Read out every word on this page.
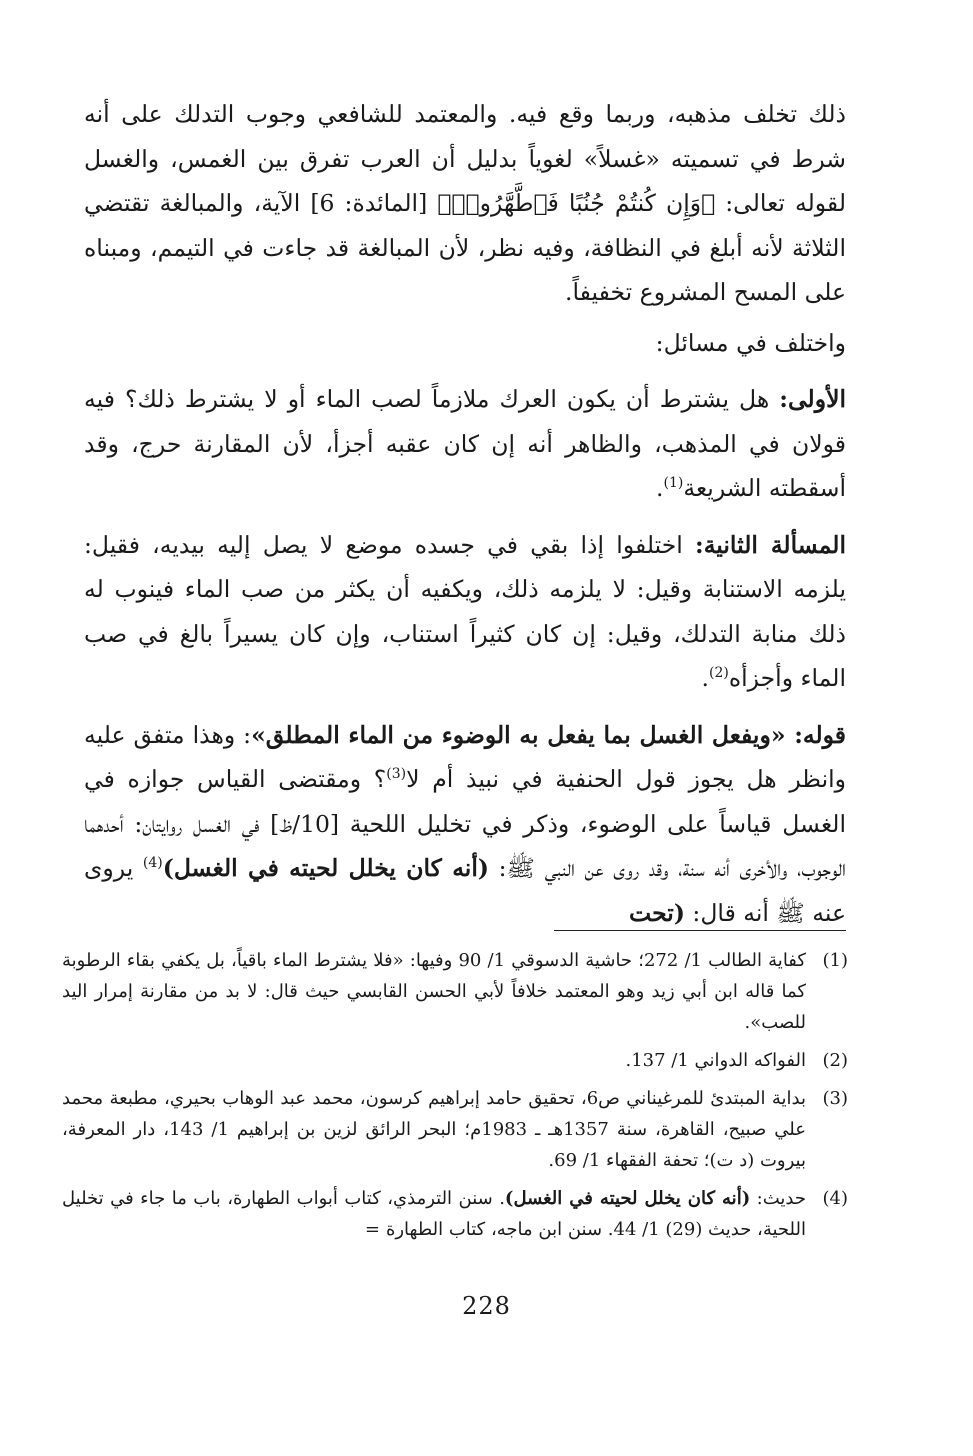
ذلك تخلف مذهبه، وربما وقع فيه. والمعتمد للشافعي وجوب التدلك على أنه شرط في تسميته «غسلاً» لغوياً بدليل أن العرب تفرق بين الغمس، والغسل لقوله تعالى: ﴿وَإِن كُنتُمْ جُنُبًا فَٱطَّهَّرُوا۟﴾ [المائدة: 6] الآية، والمبالغة تقتضي الثلاثة لأنه أبلغ في النظافة، وفيه نظر، لأن المبالغة قد جاءت في التيمم، ومبناه على المسح المشروع تخفيفاً.

واختلف في مسائل:

الأولى: هل يشترط أن يكون العرك ملازماً لصب الماء أو لا يشترط ذلك؟ فيه قولان في المذهب، والظاهر أنه إن كان عقبه أجزأ، لأن المقارنة حرج، وقد أسقطته الشريعة$^{(1)}$.

المسألة الثانية: اختلفوا إذا بقي في جسده موضع لا يصل إليه بيديه، فقيل: يلزمه الاستنابة وقيل: لا يلزمه ذلك، ويكفيه أن يكثر من صب الماء فينوب له ذلك منابة التدلك، وقيل: إن كان كثيراً استناب، وإن كان يسيراً بالغ في صب الماء وأجزأه$^{(2)}$.

قوله: «ويفعل الغسل بما يفعل به الوضوء من الماء المطلق»: وهذا متفق عليه وانظر هل يجوز قول الحنفية في نبيذ أم لا$^{(3)}$؟ ومقتضى القياس جوازه في الغسل قياساً على الوضوء، وذكر في تخليل اللحية [10/ظ] في الغسل روايتان: أحدهما الوجوب، والأخرى أنه سنة، وقد روى عن النبي ﷺ: (أنه كان يخلل لحيته في الغسل)$^{(4)}$ يروى عنه ﷺ أنه قال: (تحت

(1)
كفاية الطالب 1/ 272؛ حاشية الدسوقي 1/ 90 وفيها: «فلا يشترط الماء باقياً، بل يكفي بقاء الرطوبة كما قاله ابن أبي زيد وهو المعتمد خلافاً لأبي الحسن القابسي حيث قال: لا بد من مقارنة إمرار اليد للصب».
(2)
الفواكه الدواني 1/ 137.
(3)
بداية المبتدئ للمرغيناني ص6، تحقيق حامد إبراهيم كرسون، محمد عبد الوهاب بحيري، مطبعة محمد علي صبيح، القاهرة، سنة 1357هـ ـ 1983م؛ البحر الرائق لزين بن إبراهيم 1/ 143، دار المعرفة، بيروت (د ت)؛ تحفة الفقهاء 1/ 69.
(4)
حديث: (أنه كان يخلل لحيته في الغسل). سنن الترمذي، كتاب أبواب الطهارة، باب ما جاء في تخليل اللحية، حديث (29) 1/ 44. سنن ابن ماجه، كتاب الطهارة=
228
